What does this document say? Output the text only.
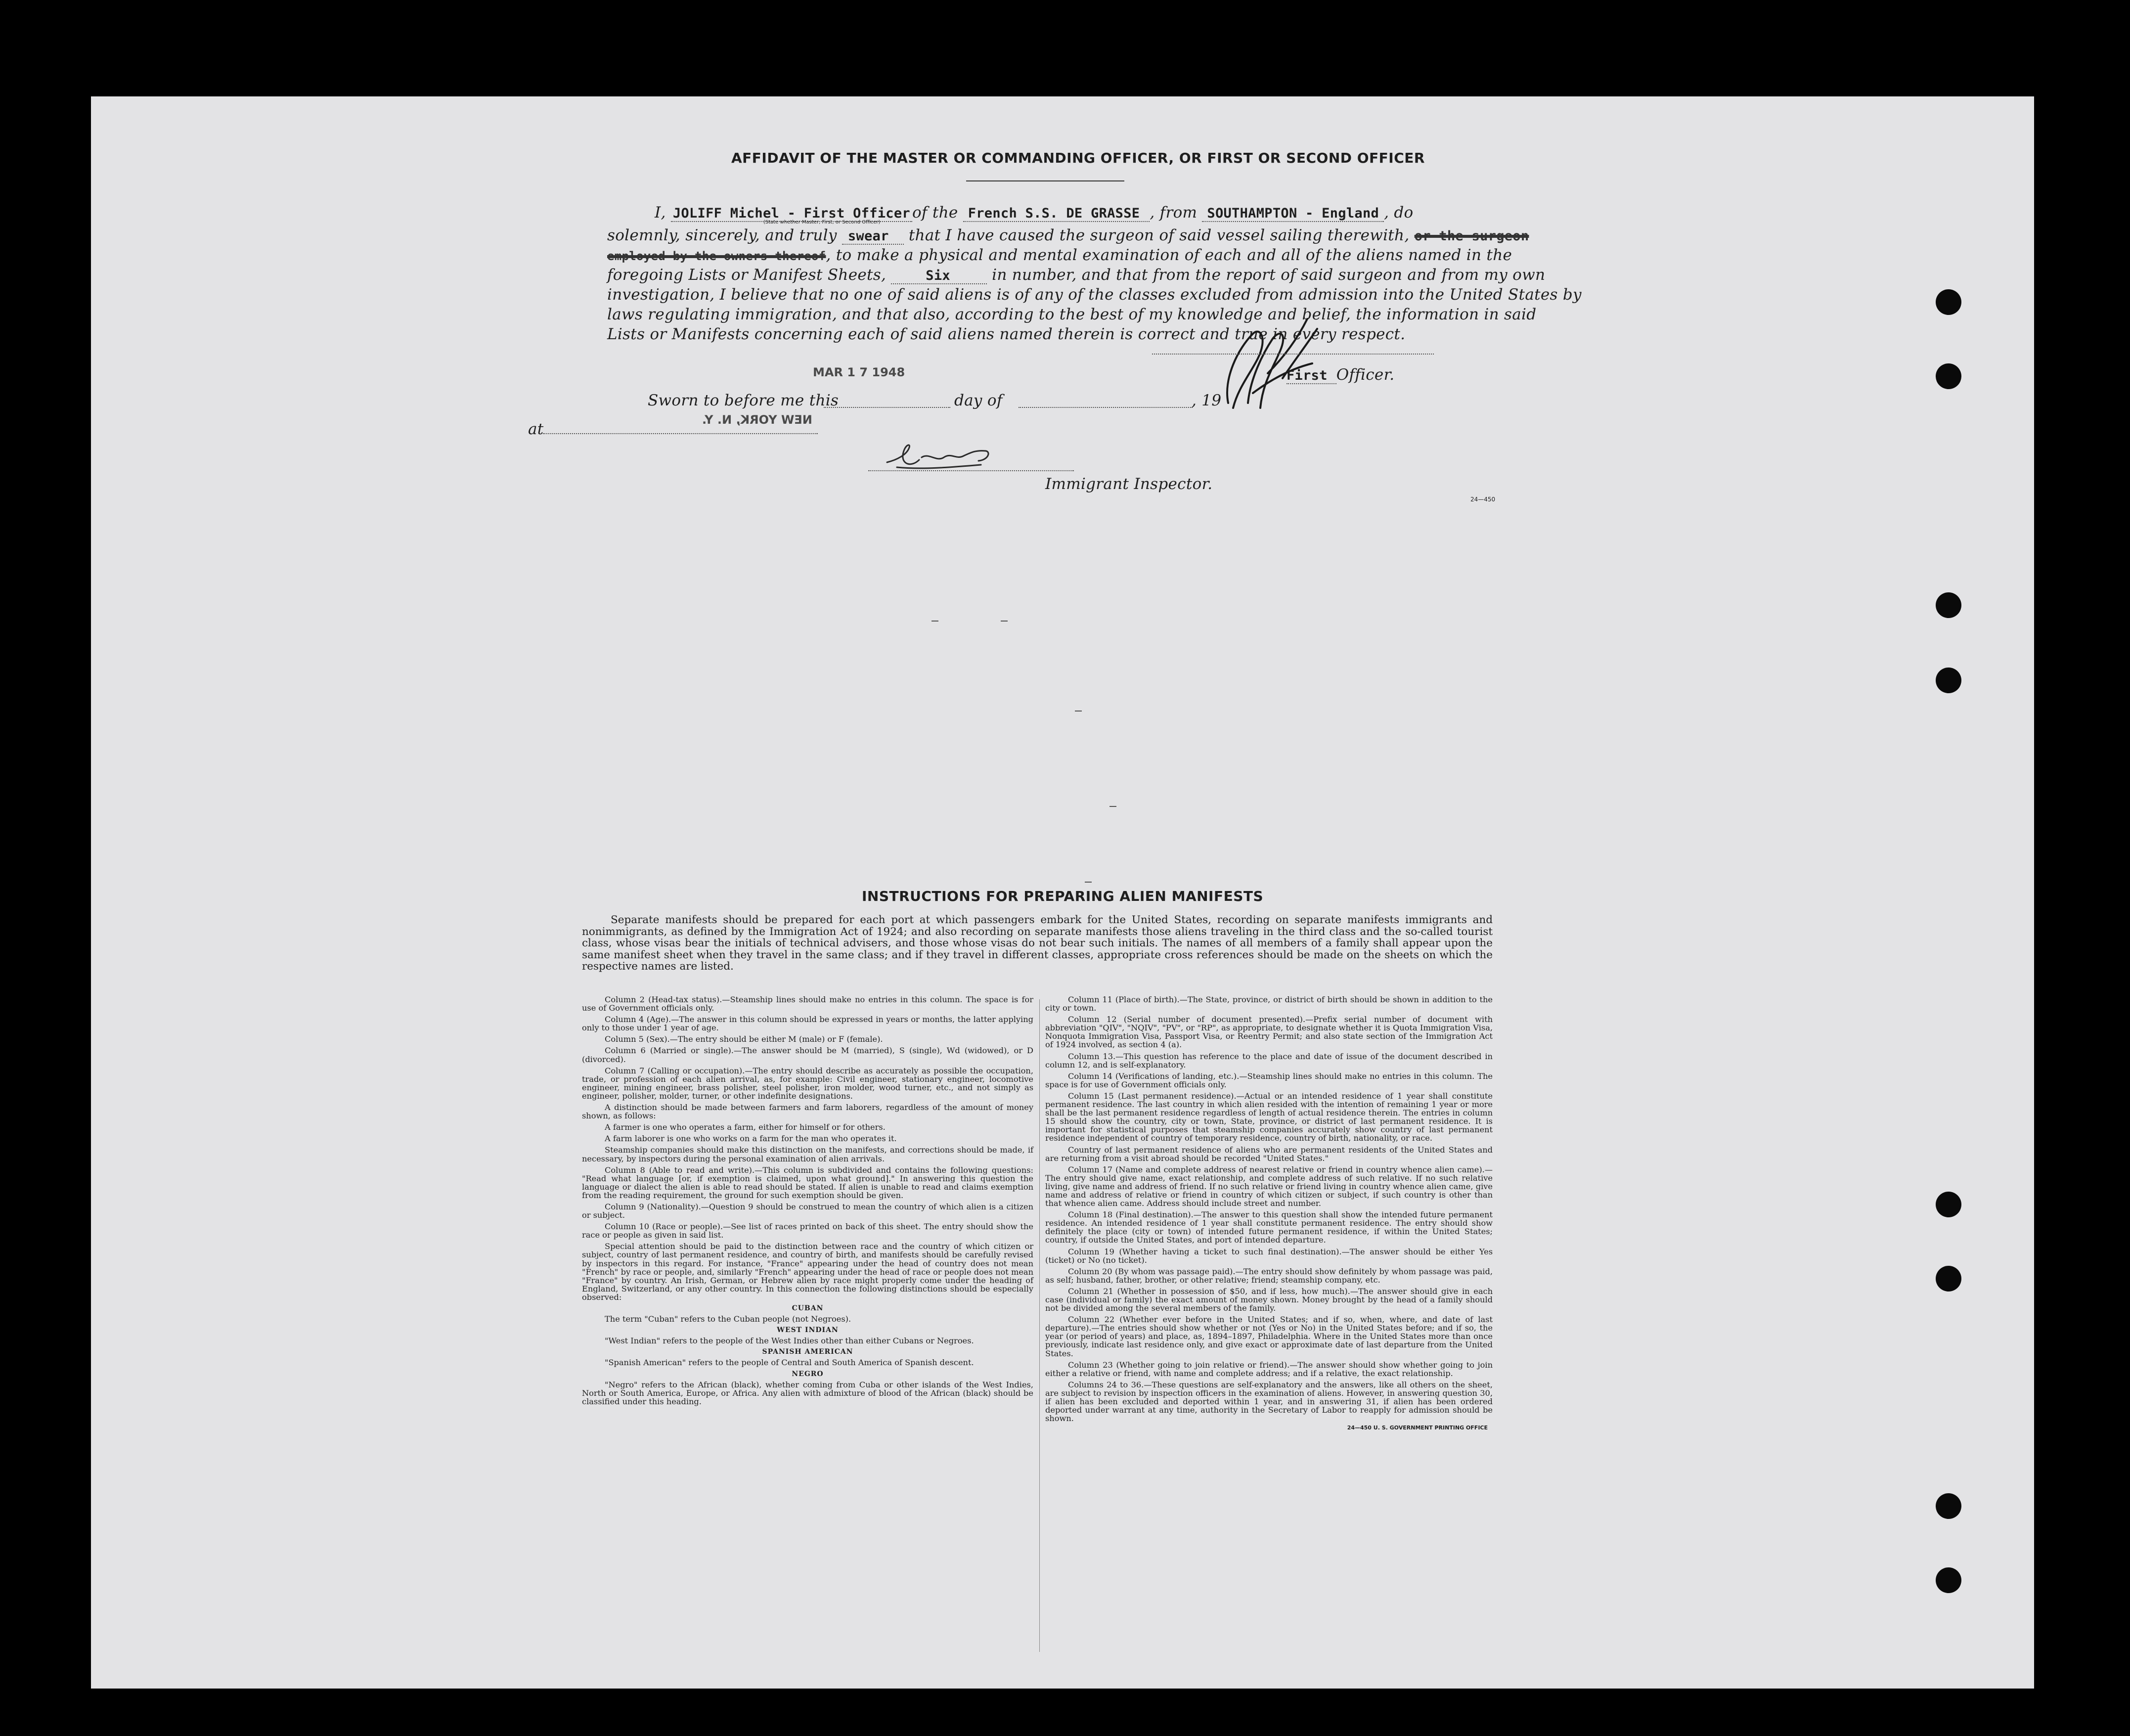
AFFIDAVIT OF THE MASTER OR COMMANDING OFFICER, OR FIRST OR SECOND OFFICER
I, JOLIFF Michel - First Officer of the French S.S. DE GRASSE , from SOUTHAMPTON - England , do
(State whether Master, First, or Second Officer)
solemnly, sincerely, and truly swear that I have caused the surgeon of said vessel sailing therewith, or the surgeon
employed by the owners thereof, to make a physical and mental examination of each and all of the aliens named in the
foregoing Lists or Manifest Sheets,	Six	in number, and that from the report of said surgeon and from my own
investigation, I believe that no one of said aliens is of any of the classes excluded from admission into the United States by
laws regulating immigration, and that also, according to the best of my knowledge and belief, the information in said
Lists or Manifests concerning each of said aliens named therein is correct and true in every respect.
First Officer.
MAR 1 7 1948
Sworn to before me this	day of	, 19
at
NEW YORK, N. Y.
Immigrant Inspector.
24—450
INSTRUCTIONS FOR PREPARING ALIEN MANIFESTS

Separate manifests should be prepared for each port at which passengers embark for the United States, recording on separate manifests immigrants and nonimmigrants, as defined by the Immigration Act of 1924; and also recording on separate manifests those aliens traveling in the third class and the so-called tourist class, whose visas bear the initials of technical advisers, and those whose visas do not bear such initials. The names of all members of a family shall appear upon the same manifest sheet when they travel in the same class; and if they travel in different classes, appropriate cross references should be made on the sheets on which the respective names are listed.

Column 2 (Head-tax status).—Steamship lines should make no entries in this column. The space is for use of Government officials only.

Column 4 (Age).—The answer in this column should be expressed in years or months, the latter applying only to those under 1 year of age.

Column 5 (Sex).—The entry should be either M (male) or F (female).

Column 6 (Married or single).—The answer should be M (married), S (single), Wd (widowed), or D (divorced).

Column 7 (Calling or occupation).—The entry should describe as accurately as possible the occupation, trade, or profession of each alien arrival, as, for example: Civil engineer, stationary engineer, locomotive engineer, mining engineer, brass polisher, steel polisher, iron molder, wood turner, etc., and not simply as engineer, polisher, molder, turner, or other indefinite designations.

A distinction should be made between farmers and farm laborers, regardless of the amount of money shown, as follows:

A farmer is one who operates a farm, either for himself or for others.

A farm laborer is one who works on a farm for the man who operates it.

Steamship companies should make this distinction on the manifests, and corrections should be made, if necessary, by inspectors during the personal examination of alien arrivals.

Column 8 (Able to read and write).—This column is subdivided and contains the following questions: "Read what language [or, if exemption is claimed, upon what ground]." In answering this question the language or dialect the alien is able to read should be stated. If alien is unable to read and claims exemption from the reading requirement, the ground for such exemption should be given.

Column 9 (Nationality).—Question 9 should be construed to mean the country of which alien is a citizen or subject.

Column 10 (Race or people).—See list of races printed on back of this sheet. The entry should show the race or people as given in said list.

Special attention should be paid to the distinction between race and the country of which citizen or subject, country of last permanent residence, and country of birth, and manifests should be carefully revised by inspectors in this regard. For instance, "France" appearing under the head of country does not mean "French" by race or people, and, similarly "French" appearing under the head of race or people does not mean "France" by country. An Irish, German, or Hebrew alien by race might properly come under the heading of England, Switzerland, or any other country. In this connection the following distinctions should be especially observed:

CUBAN

The term "Cuban" refers to the Cuban people (not Negroes).

WEST INDIAN

"West Indian" refers to the people of the West Indies other than either Cubans or Negroes.

SPANISH AMERICAN

"Spanish American" refers to the people of Central and South America of Spanish descent.

NEGRO

"Negro" refers to the African (black), whether coming from Cuba or other islands of the West Indies, North or South America, Europe, or Africa. Any alien with admixture of blood of the African (black) should be classified under this heading.

Column 11 (Place of birth).—The State, province, or district of birth should be shown in addition to the city or town.

Column 12 (Serial number of document presented).—Prefix serial number of document with abbreviation "QIV", "NQIV", "PV", or "RP", as appropriate, to designate whether it is Quota Immigration Visa, Nonquota Immigration Visa, Passport Visa, or Reentry Permit; and also state section of the Immigration Act of 1924 involved, as section 4 (a).

Column 13.—This question has reference to the place and date of issue of the document described in column 12, and is self-explanatory.

Column 14 (Verifications of landing, etc.).—Steamship lines should make no entries in this column. The space is for use of Government officials only.

Column 15 (Last permanent residence).—Actual or an intended residence of 1 year shall constitute permanent residence. The last country in which alien resided with the intention of remaining 1 year or more shall be the last permanent residence regardless of length of actual residence therein. The entries in column 15 should show the country, city or town, State, province, or district of last permanent residence. It is important for statistical purposes that steamship companies accurately show country of last permanent residence independent of country of temporary residence, country of birth, nationality, or race.

Country of last permanent residence of aliens who are permanent residents of the United States and are returning from a visit abroad should be recorded "United States."

Column 17 (Name and complete address of nearest relative or friend in country whence alien came).—The entry should give name, exact relationship, and complete address of such relative. If no such relative living, give name and address of friend. If no such relative or friend living in country whence alien came, give name and address of relative or friend in country of which citizen or subject, if such country is other than that whence alien came. Address should include street and number.

Column 18 (Final destination).—The answer to this question shall show the intended future permanent residence. An intended residence of 1 year shall constitute permanent residence. The entry should show definitely the place (city or town) of intended future permanent residence, if within the United States; country, if outside the United States, and port of intended departure.

Column 19 (Whether having a ticket to such final destination).—The answer should be either Yes (ticket) or No (no ticket).

Column 20 (By whom was passage paid).—The entry should show definitely by whom passage was paid, as self; husband, father, brother, or other relative; friend; steamship company, etc.

Column 21 (Whether in possession of $50, and if less, how much).—The answer should give in each case (individual or family) the exact amount of money shown. Money brought by the head of a family should not be divided among the several members of the family.

Column 22 (Whether ever before in the United States; and if so, when, where, and date of last departure).—The entries should show whether or not (Yes or No) in the United States before; and if so, the year (or period of years) and place, as, 1894–1897, Philadelphia. Where in the United States more than once previously, indicate last residence only, and give exact or approximate date of last departure from the United States.

Column 23 (Whether going to join relative or friend).—The answer should show whether going to join either a relative or friend, with name and complete address; and if a relative, the exact relationship.

Columns 24 to 36.—These questions are self-explanatory and the answers, like all others on the sheet, are subject to revision by inspection officers in the examination of aliens. However, in answering question 30, if alien has been excluded and deported within 1 year, and in answering 31, if alien has been ordered deported under warrant at any time, authority in the Secretary of Labor to reapply for admission should be shown.

24—450 U. S. GOVERNMENT PRINTING OFFICE
